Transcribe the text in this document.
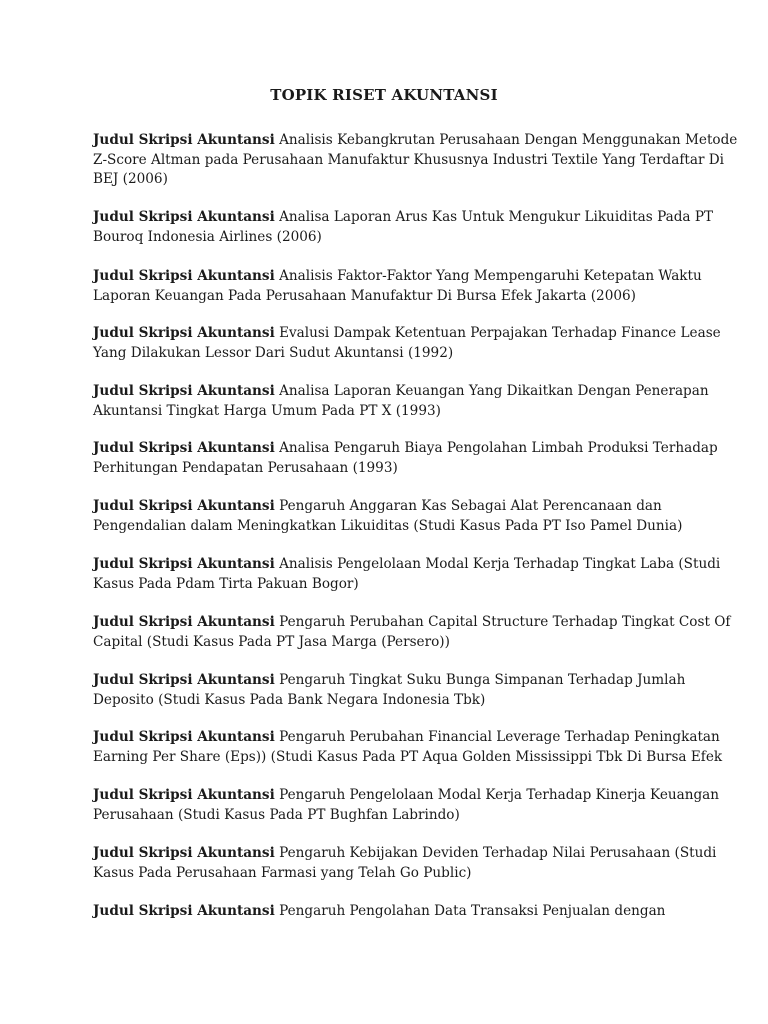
TOPIK RISET AKUNTANSI
Judul Skripsi Akuntansi Analisis Kebangkrutan Perusahaan Dengan Menggunakan Metode
Z-Score Altman pada Perusahaan Manufaktur Khususnya Industri Textile Yang Terdaftar Di
BEJ (2006)
Judul Skripsi Akuntansi Analisa Laporan Arus Kas Untuk Mengukur Likuiditas Pada PT
Bouroq Indonesia Airlines (2006)
Judul Skripsi Akuntansi Analisis Faktor-Faktor Yang Mempengaruhi Ketepatan Waktu
Laporan Keuangan Pada Perusahaan Manufaktur Di Bursa Efek Jakarta (2006)
Judul Skripsi Akuntansi Evalusi Dampak Ketentuan Perpajakan Terhadap Finance Lease
Yang Dilakukan Lessor Dari Sudut Akuntansi (1992)
Judul Skripsi Akuntansi Analisa Laporan Keuangan Yang Dikaitkan Dengan Penerapan
Akuntansi Tingkat Harga Umum Pada PT X (1993)
Judul Skripsi Akuntansi Analisa Pengaruh Biaya Pengolahan Limbah Produksi Terhadap
Perhitungan Pendapatan Perusahaan (1993)
Judul Skripsi Akuntansi Pengaruh Anggaran Kas Sebagai Alat Perencanaan dan
Pengendalian dalam Meningkatkan Likuiditas (Studi Kasus Pada PT Iso Pamel Dunia)
Judul Skripsi Akuntansi Analisis Pengelolaan Modal Kerja Terhadap Tingkat Laba (Studi
Kasus Pada Pdam Tirta Pakuan Bogor)
Judul Skripsi Akuntansi Pengaruh Perubahan Capital Structure Terhadap Tingkat Cost Of
Capital (Studi Kasus Pada PT Jasa Marga (Persero))
Judul Skripsi Akuntansi Pengaruh Tingkat Suku Bunga Simpanan Terhadap Jumlah
Deposito (Studi Kasus Pada Bank Negara Indonesia Tbk)
Judul Skripsi Akuntansi Pengaruh Perubahan Financial Leverage Terhadap Peningkatan
Earning Per Share (Eps)) (Studi Kasus Pada PT Aqua Golden Mississippi Tbk Di Bursa Efek
Judul Skripsi Akuntansi Pengaruh Pengelolaan Modal Kerja Terhadap Kinerja Keuangan
Perusahaan (Studi Kasus Pada PT Bughfan Labrindo)
Judul Skripsi Akuntansi Pengaruh Kebijakan Deviden Terhadap Nilai Perusahaan (Studi
Kasus Pada Perusahaan Farmasi yang Telah Go Public)
Judul Skripsi Akuntansi Pengaruh Pengolahan Data Transaksi Penjualan dengan
